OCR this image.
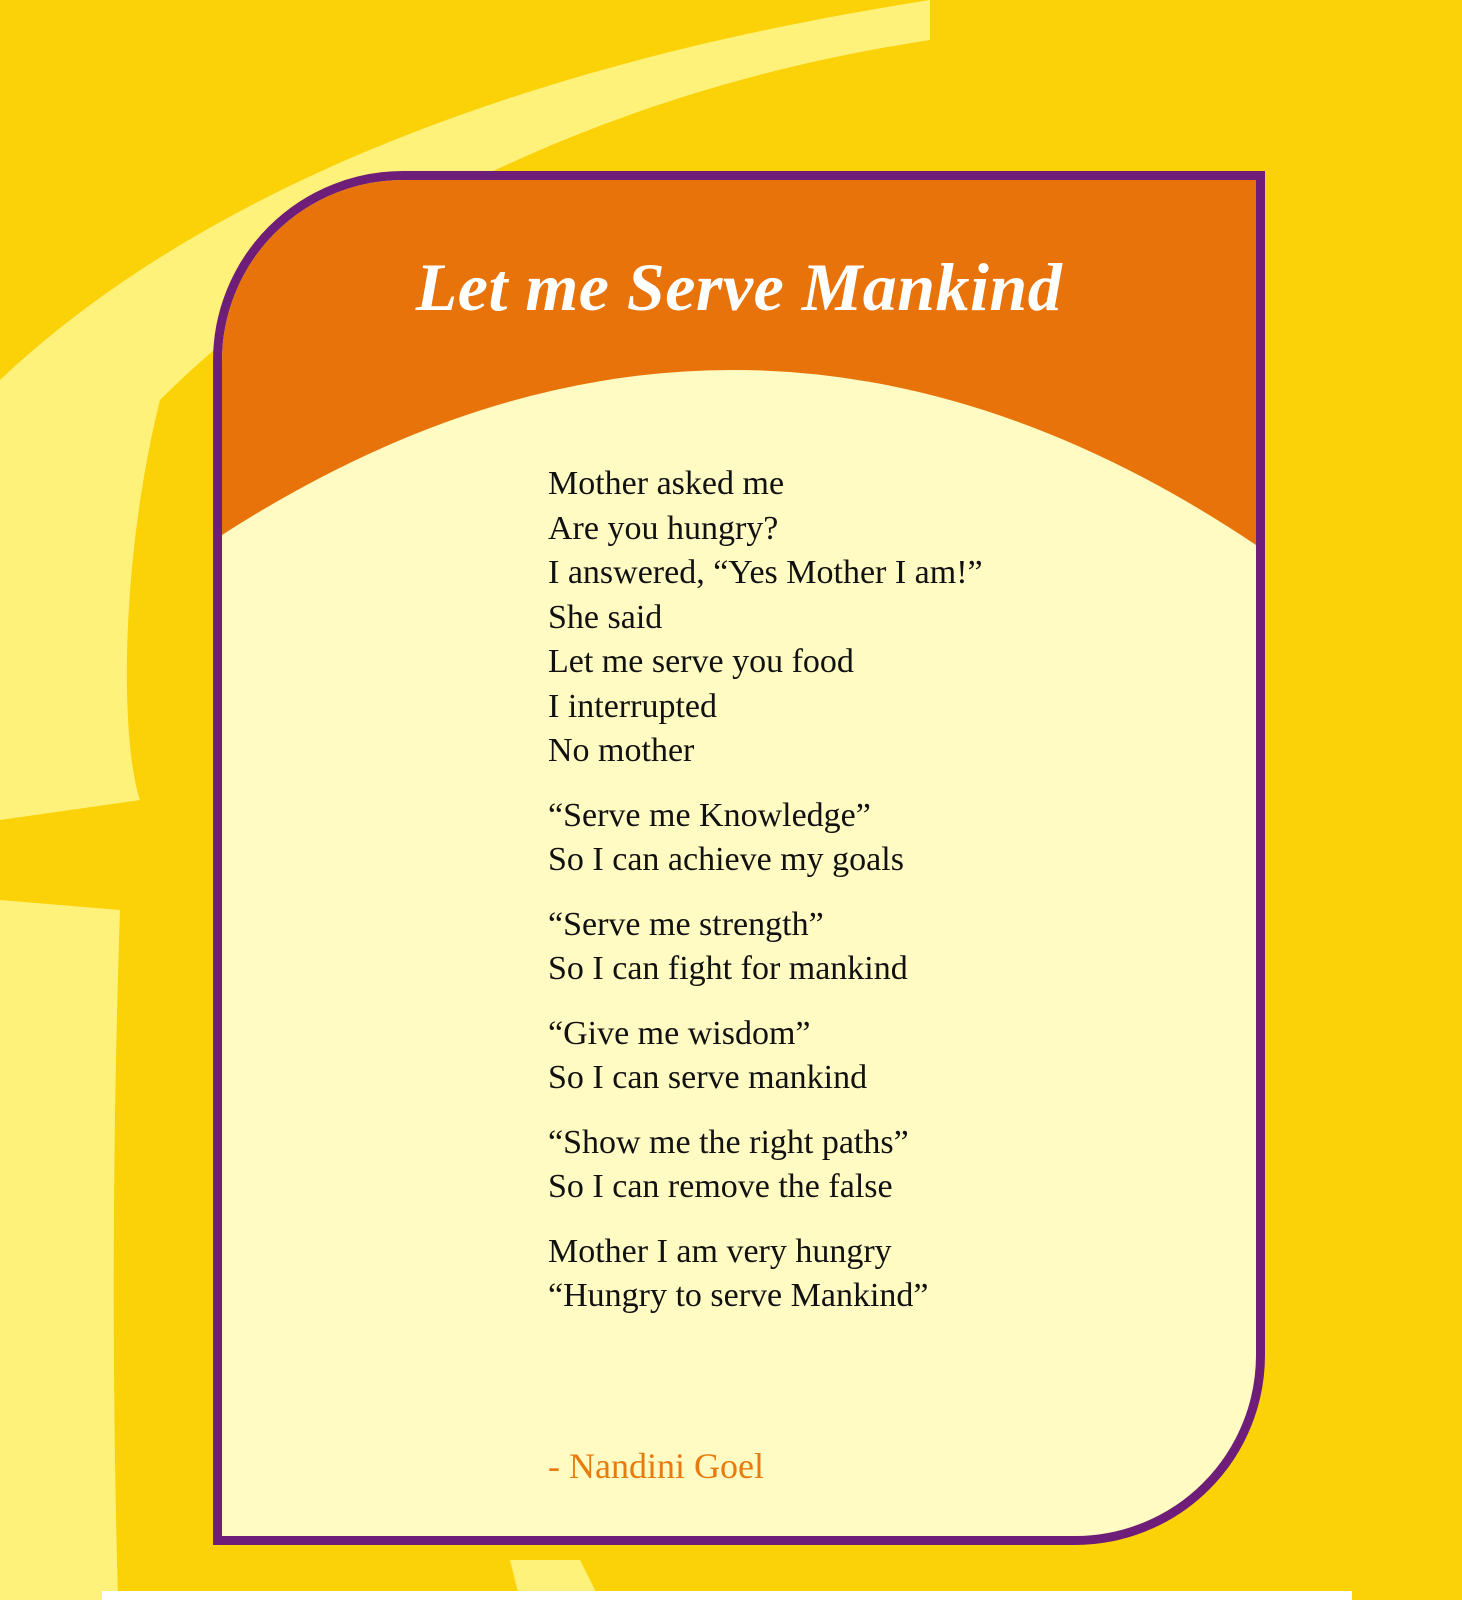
Let me Serve Mankind
Mother asked me
Are you hungry?
I answered, “Yes Mother I am!”
She said
Let me serve you food
I interrupted
No mother
“Serve me Knowledge”
So I can achieve my goals
“Serve me strength”
So I can fight for mankind
“Give me wisdom”
So I can serve mankind
“Show me the right paths”
So I can remove the false
Mother I am very hungry
“Hungry to serve Mankind”

- Nandini Goel
